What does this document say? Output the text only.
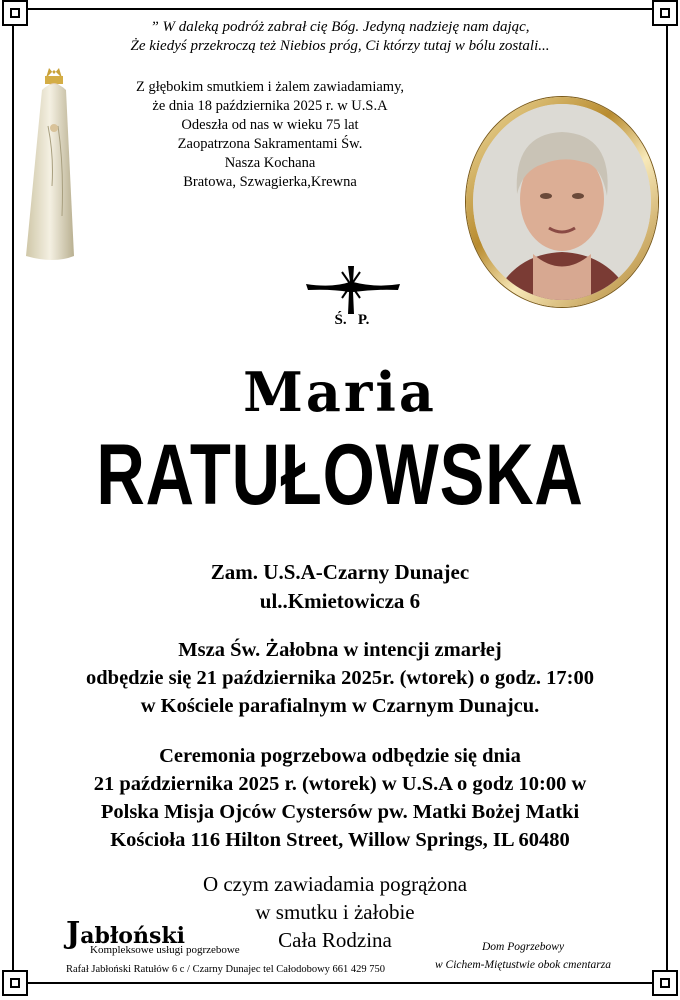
” W daleką podróż zabrał cię Bóg. Jedyną nadzieję nam dając,
Że kiedyś przekroczą też Niebios próg, Ci którzy tutaj w bólu zostali...
Z głębokim smutkiem i żalem zawiadamiamy,
że dnia 18 października 2025 r. w U.S.A
Odeszła od nas w wieku 75 lat
Zaopatrzona Sakramentami Św.
Nasza Kochana
Bratowa, Szwagierka,Krewna
Ś.   P.
Maria
RATUŁOWSKA
Zam. U.S.A-Czarny Dunajec
ul..Kmietowicza 6
Msza Św. Żałobna w intencji zmarłej
odbędzie się 21 października 2025r. (wtorek) o godz. 17:00
w Kościele parafialnym w Czarnym Dunajcu.
Ceremonia pogrzebowa odbędzie się dnia
21 października 2025 r. (wtorek) w U.S.A o godz 10:00 w
Polska Misja Ojców Cystersów pw. Matki Bożej Matki
Kościoła 116 Hilton Street, Willow Springs, IL 60480
O czym zawiadamia pogrążona
w smutku i żałobie
Cała Rodzina
Jabłoński
Kompleksowe usługi pogrzebowe
Rafał Jabłoński Ratułów 6 c / Czarny Dunajec tel Całodobowy 661 429 750
Dom Pogrzebowy
w Cichem-Miętustwie obok cmentarza
